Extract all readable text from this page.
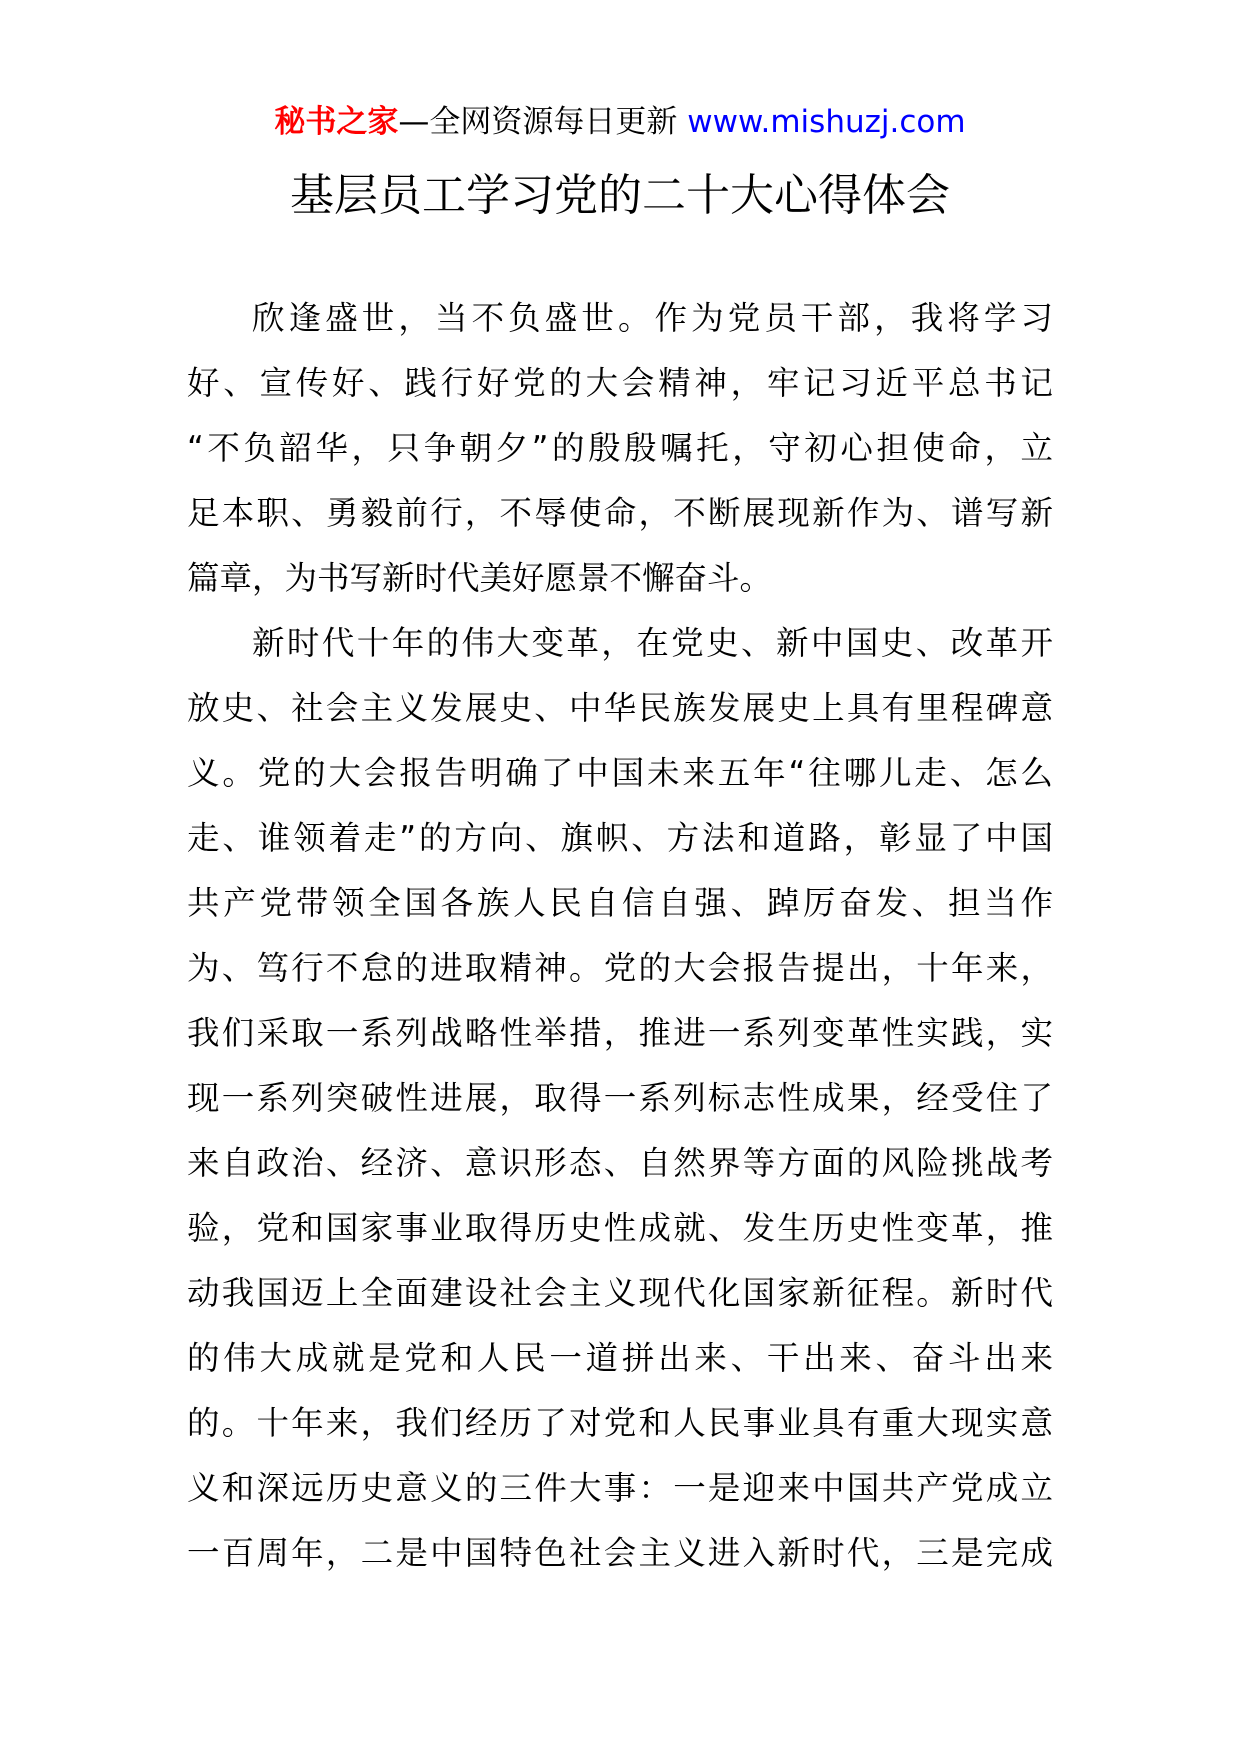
秘书之家—全网资源每日更新 www.mishuzj.com
基层员工学习党的二十大心得体会
欣逢盛世，当不负盛世。作为党员干部，我将学习
好、宣传好、践行好党的大会精神，牢记习近平总书记
“不负韶华，只争朝夕”的殷殷嘱托，守初心担使命，立
足本职、勇毅前行，不辱使命，不断展现新作为、谱写新
篇章，为书写新时代美好愿景不懈奋斗。
新时代十年的伟大变革，在党史、新中国史、改革开
放史、社会主义发展史、中华民族发展史上具有里程碑意
义。党的大会报告明确了中国未来五年“往哪儿走、怎么
走、谁领着走”的方向、旗帜、方法和道路，彰显了中国
共产党带领全国各族人民自信自强、踔厉奋发、担当作
为、笃行不怠的进取精神。党的大会报告提出，十年来，
我们采取一系列战略性举措，推进一系列变革性实践，实
现一系列突破性进展，取得一系列标志性成果，经受住了
来自政治、经济、意识形态、自然界等方面的风险挑战考
验，党和国家事业取得历史性成就、发生历史性变革，推
动我国迈上全面建设社会主义现代化国家新征程。新时代
的伟大成就是党和人民一道拼出来、干出来、奋斗出来
的。十年来，我们经历了对党和人民事业具有重大现实意
义和深远历史意义的三件大事：一是迎来中国共产党成立
一百周年，二是中国特色社会主义进入新时代，三是完成
